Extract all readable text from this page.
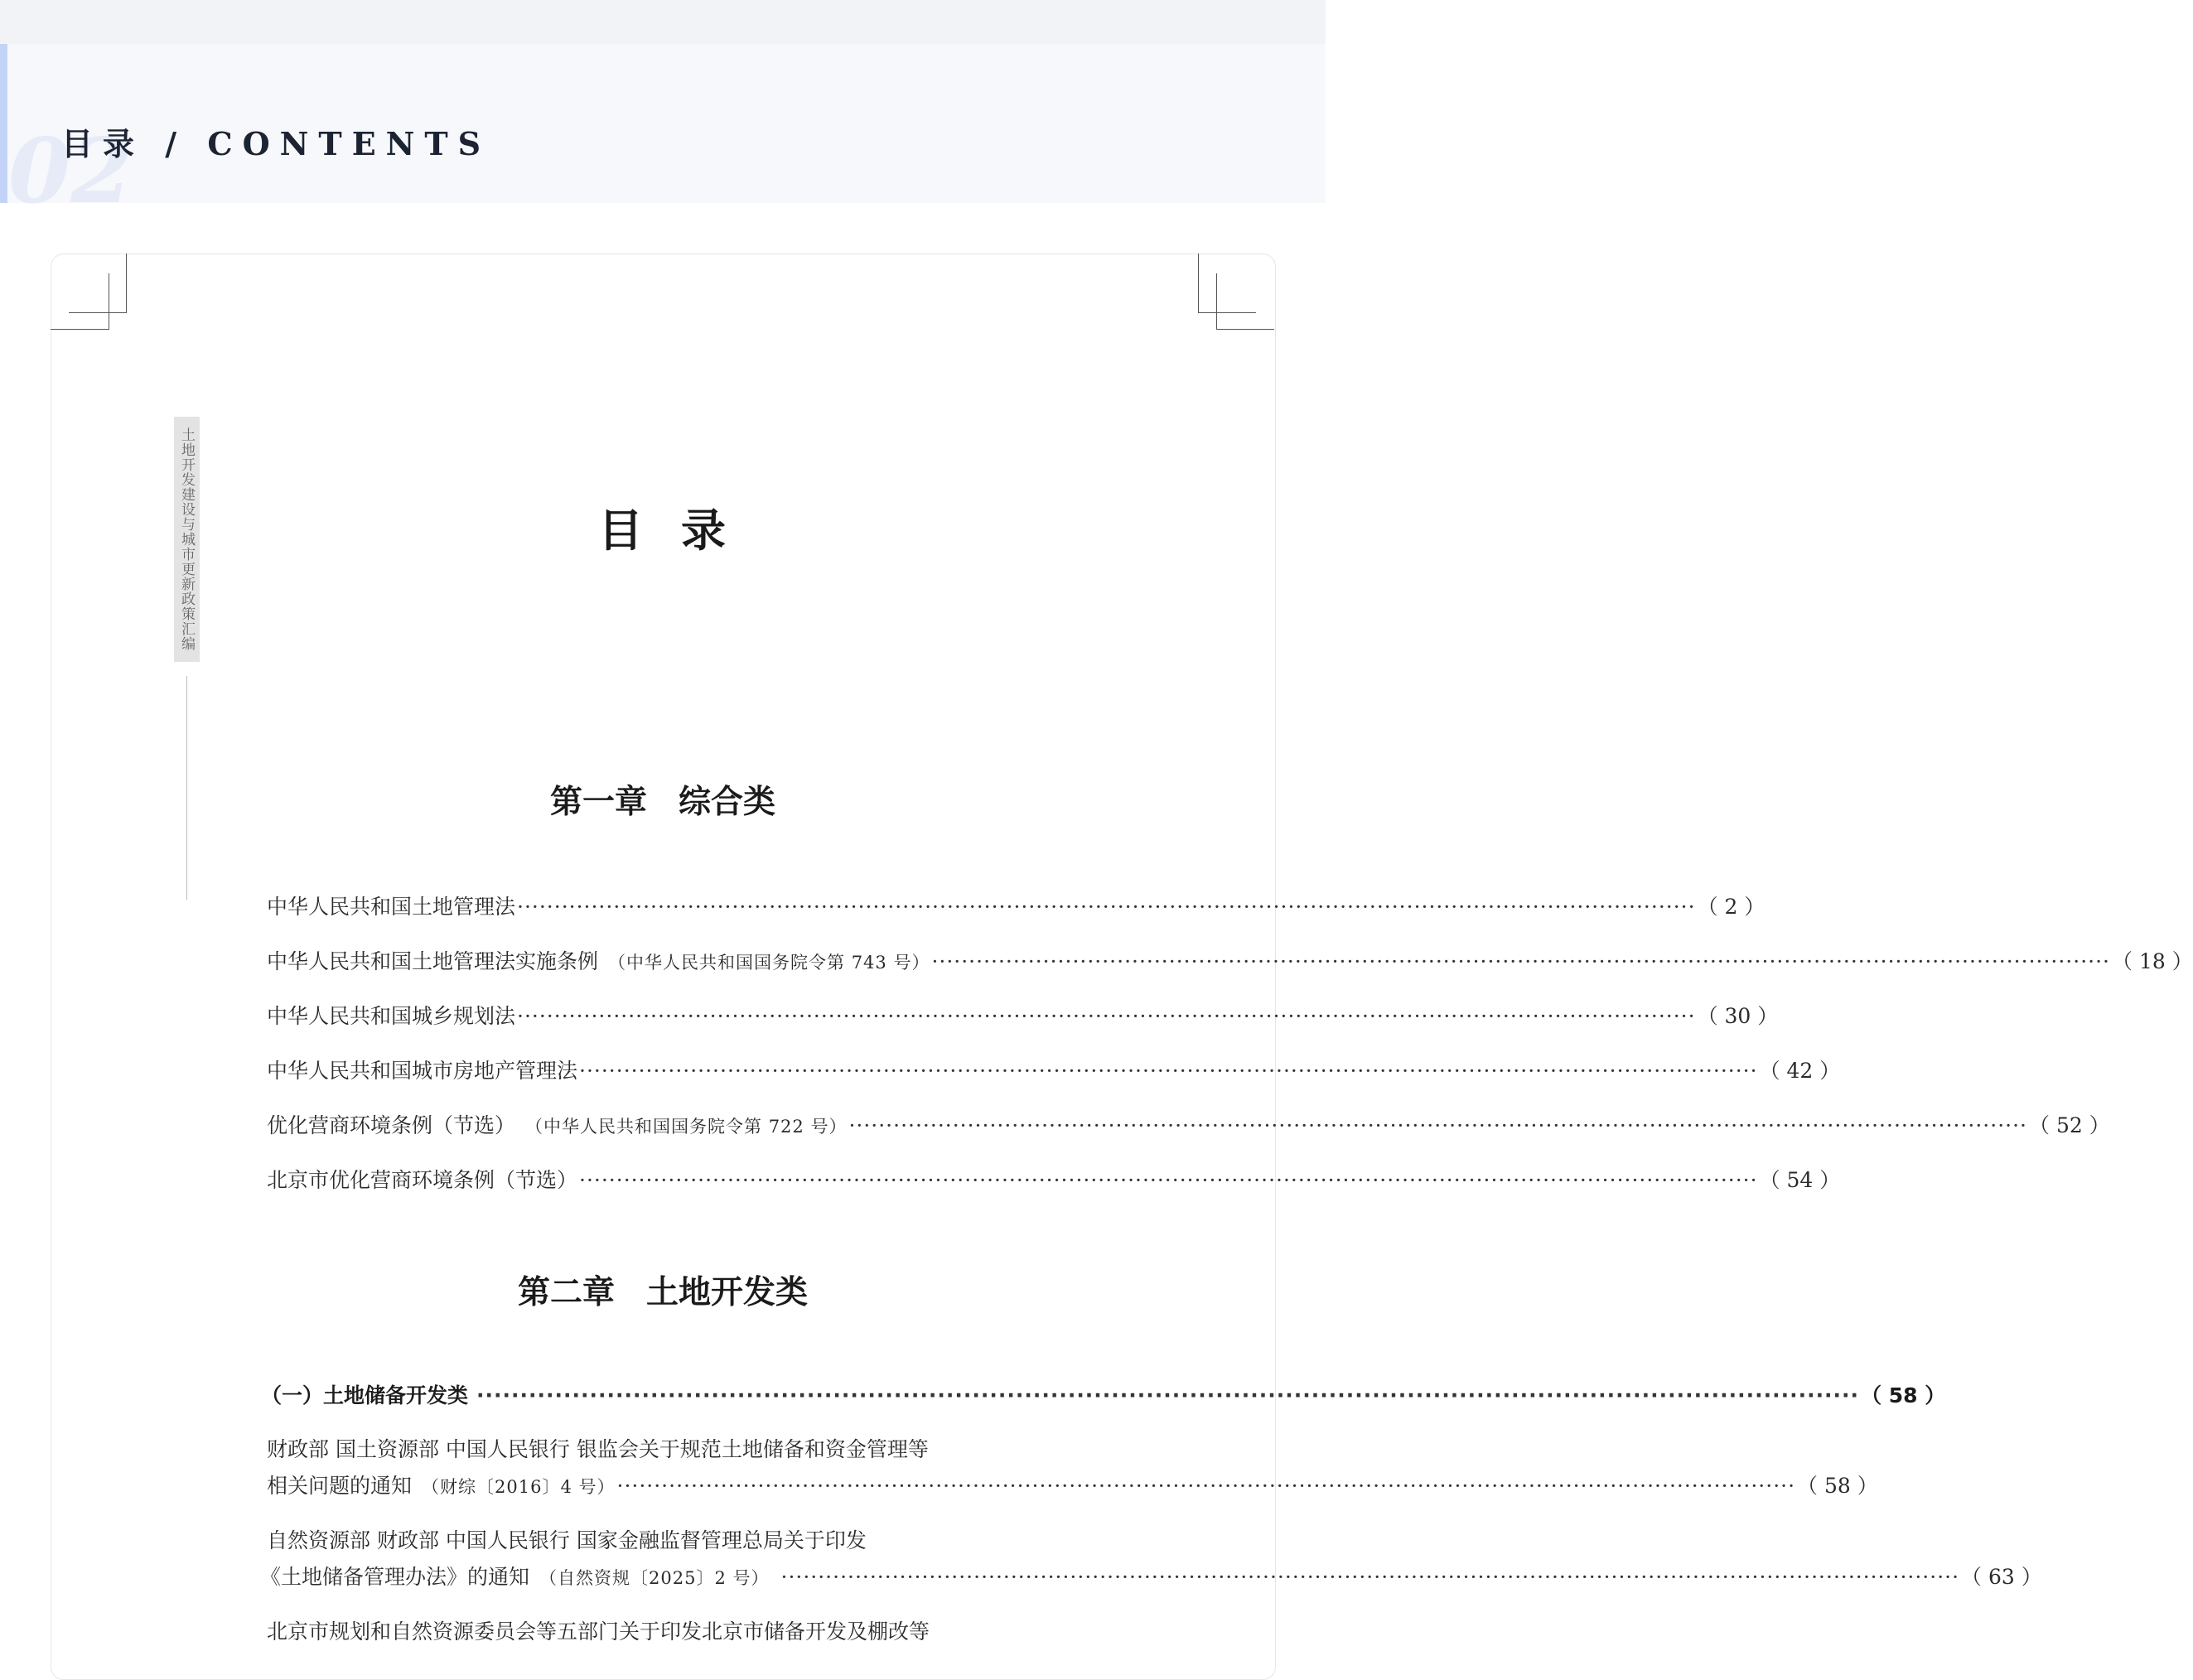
02
目录 / CONTENTS
土地开发建设与城市更新政策汇编	目 录
第一章 综合类
中华人民共和国土地管理法 ······························································································································································· （ 2 ）
中华人民共和国土地管理法实施条例 （中华人民共和国国务院令第 743 号） ······························································································································································· （ 18 ）
中华人民共和国城乡规划法 ······························································································································································· （ 30 ）
中华人民共和国城市房地产管理法 ······························································································································································· （ 42 ）
优化营商环境条例（节选） （中华人民共和国国务院令第 722 号） ······························································································································································· （ 52 ）
北京市优化营商环境条例（节选） ······························································································································································· （ 54 ）
第二章 土地开发类
（一）土地储备开发类 ······························································································································································· （ 58 ）
财政部 国土资源部 中国人民银行 银监会关于规范土地储备和资金管理等
相关问题的通知 （财综〔2016〕4 号） ······························································································································································· （ 58 ）
自然资源部 财政部 中国人民银行 国家金融监督管理总局关于印发
《土地储备管理办法》的通知 （自然资规〔2025〕2 号） ······························································································································································· （ 63 ）
北京市规划和自然资源委员会等五部门关于印发北京市储备开发及棚改等
